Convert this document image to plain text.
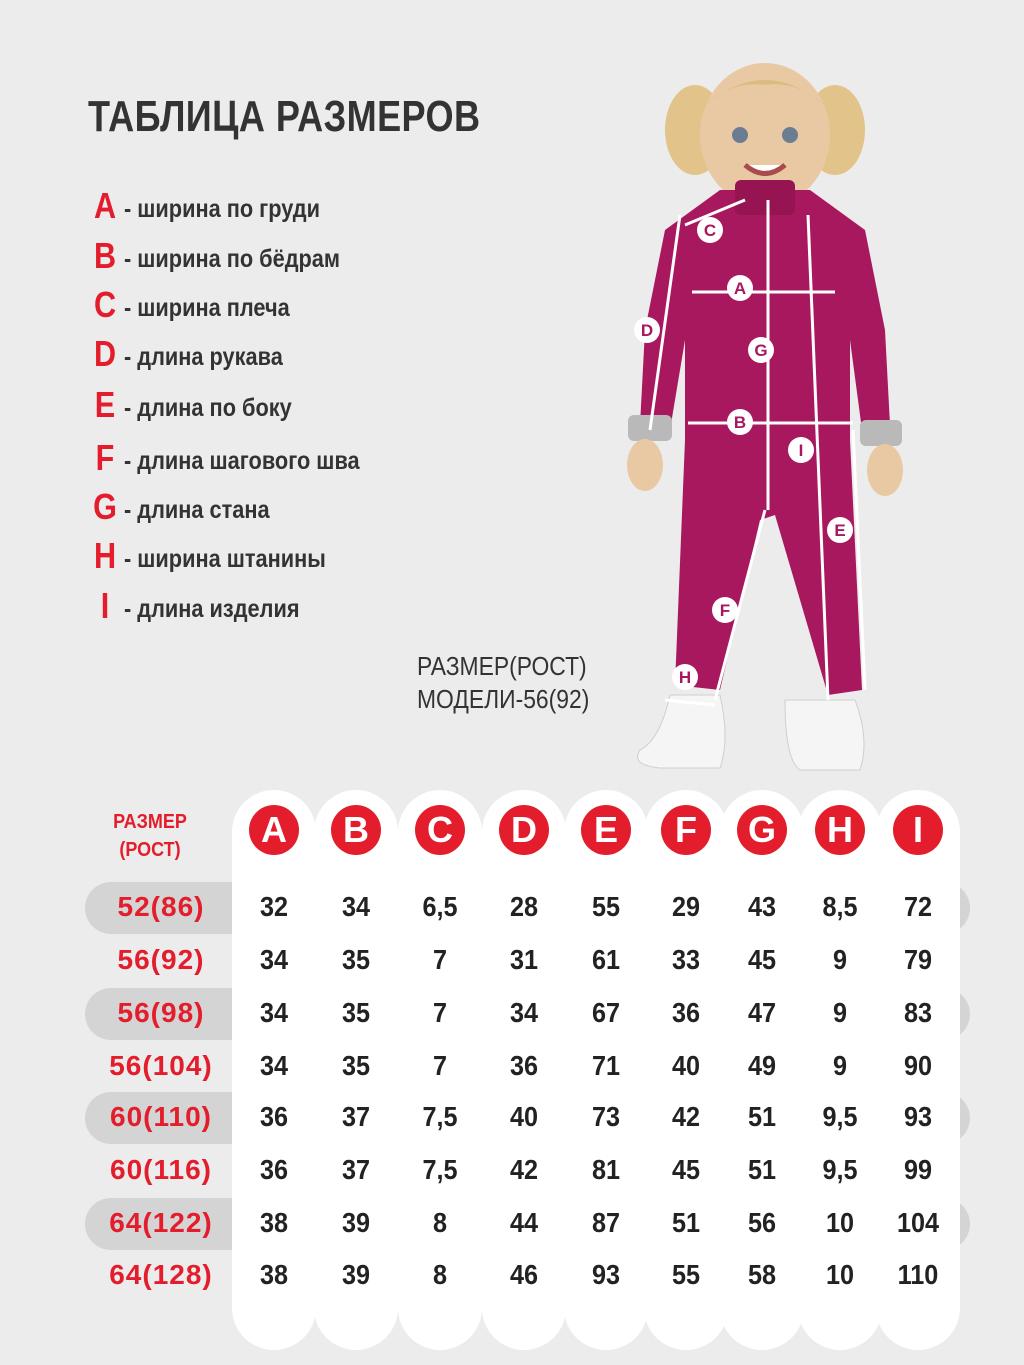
ТАБЛИЦА РАЗМЕРОВ
A - ширина по груди
B - ширина по бёдрам
C - ширина плеча
D - длина рукава
E - длина по боку
F - длина шагового шва
G - длина стана
H - ширина штанины
I - длина изделия
РАЗМЕР(РОСТ)
МОДЕЛИ-56(92)
C
A
D
G
B
I
E
F
H
A	B	C	D	E	F	G	H	I
РАЗМЕР
(РОСТ)
52(86)	32	34	6,5	28	55	29	43	8,5	72
56(92)	34	35	7	31	61	33	45	9	79
56(98)	34	35	7	34	67	36	47	9	83
56(104)	34	35	7	36	71	40	49	9	90
60(110)	36	37	7,5	40	73	42	51	9,5	93
60(116)	36	37	7,5	42	81	45	51	9,5	99
64(122)	38	39	8	44	87	51	56	10	104
64(128)	38	39	8	46	93	55	58	10	110
